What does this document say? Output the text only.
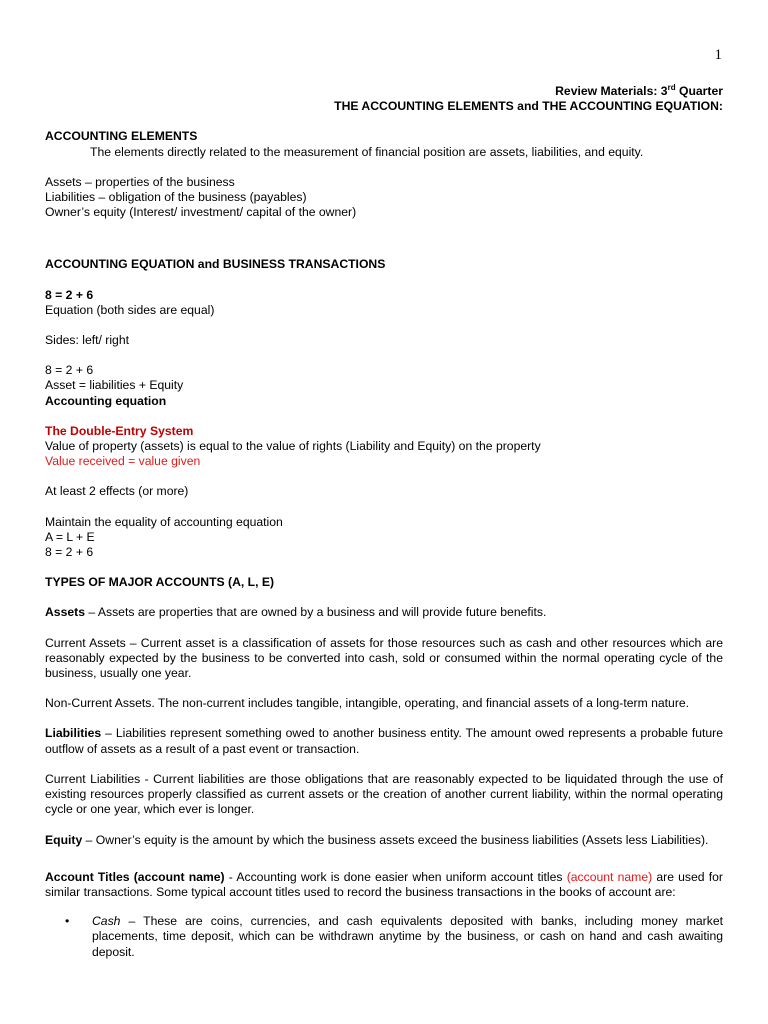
1

Review Materials: 3rd Quarter

THE ACCOUNTING ELEMENTS and THE ACCOUNTING EQUATION:

ACCOUNTING ELEMENTS

The elements directly related to the measurement of financial position are assets, liabilities, and equity.

Assets – properties of the business

Liabilities – obligation of the business (payables)

Owner’s equity (Interest/ investment/ capital of the owner)

ACCOUNTING EQUATION and BUSINESS TRANSACTIONS

8 = 2 + 6

Equation (both sides are equal)

Sides: left/ right

8 = 2 + 6

Asset = liabilities + Equity

Accounting equation

The Double-Entry System

Value of property (assets) is equal to the value of rights (Liability and Equity) on the property

Value received = value given

At least 2 effects (or more)

Maintain the equality of accounting equation

A = L + E

8 = 2 + 6

TYPES OF MAJOR ACCOUNTS (A, L, E)

Assets – Assets are properties that are owned by a business and will provide future benefits.

Current Assets – Current asset is a classification of assets for those resources such as cash and other resources which are reasonably expected by the business to be converted into cash, sold or consumed within the normal operating cycle of the business, usually one year.

Non-Current Assets. The non-current includes tangible, intangible, operating, and financial assets of a long-term nature.

Liabilities – Liabilities represent something owed to another business entity. The amount owed represents a probable future outflow of assets as a result of a past event or transaction.

Current Liabilities - Current liabilities are those obligations that are reasonably expected to be liquidated through the use of existing resources properly classified as current assets or the creation of another current liability, within the normal operating cycle or one year, which ever is longer.

Equity – Owner’s equity is the amount by which the business assets exceed the business liabilities (Assets less Liabilities).

Account Titles (account name) - Accounting work is done easier when uniform account titles (account name) are used for similar transactions. Some typical account titles used to record the business transactions in the books of account are:

•	Cash – These are coins, currencies, and cash equivalents deposited with banks, including money market placements, time deposit, which can be withdrawn anytime by the business, or cash on hand and cash awaiting deposit.
